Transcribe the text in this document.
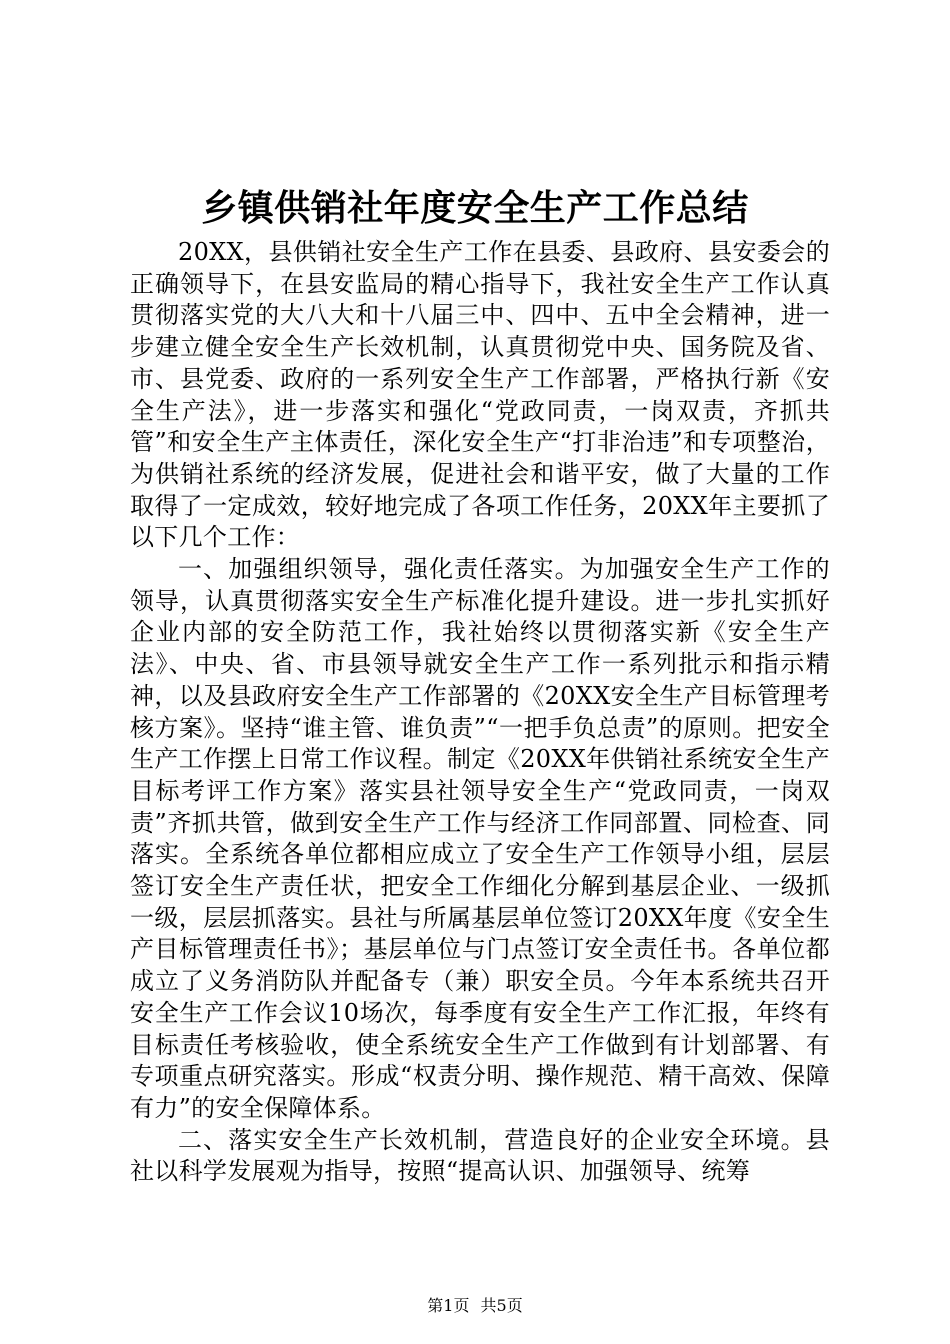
乡镇供销社年度安全生产工作总结

20XX，县供销社安全生产工作在县委、县政府、县安委会的正确领导下，在县安监局的精心指导下，我社安全生产工作认真贯彻落实党的大八大和十八届三中、四中、五中全会精神，进一步建立健全安全生产长效机制，认真贯彻党中央、国务院及省、市、县党委、政府的一系列安全生产工作部署，严格执行新《安全生产法》，进一步落实和强化“党政同责，一岗双责，齐抓共管”和安全生产主体责任，深化安全生产“打非治违”和专项整治，为供销社系统的经济发展，促进社会和谐平安，做了大量的工作取得了一定成效，较好地完成了各项工作任务，20XX年主要抓了以下几个工作：

一、加强组织领导，强化责任落实。为加强安全生产工作的领导，认真贯彻落实安全生产标准化提升建设。进一步扎实抓好企业内部的安全防范工作，我社始终以贯彻落实新《安全生产法》、中央、省、市县领导就安全生产工作一系列批示和指示精神，以及县政府安全生产工作部署的《20XX安全生产目标管理考核方案》。坚持“谁主管、谁负责”“一把手负总责”的原则。把安全生产工作摆上日常工作议程。制定《20XX年供销社系统安全生产目标考评工作方案》落实县社领导安全生产“党政同责，一岗双责”齐抓共管，做到安全生产工作与经济工作同部置、同检查、同落实。全系统各单位都相应成立了安全生产工作领导小组，层层签订安全生产责任状，把安全工作细化分解到基层企业、一级抓一级，层层抓落实。县社与所属基层单位签订20XX年度《安全生产目标管理责任书》；基层单位与门点签订安全责任书。各单位都成立了义务消防队并配备专（兼）职安全员。今年本系统共召开安全生产工作会议10场次，每季度有安全生产工作汇报，年终有目标责任考核验收，使全系统安全生产工作做到有计划部署、有专项重点研究落实。形成“权责分明、操作规范、精干高效、保障有力”的安全保障体系。

二、落实安全生产长效机制，营造良好的企业安全环境。县社以科学发展观为指导，按照“提高认识、加强领导、统筹

第1页 共5页
